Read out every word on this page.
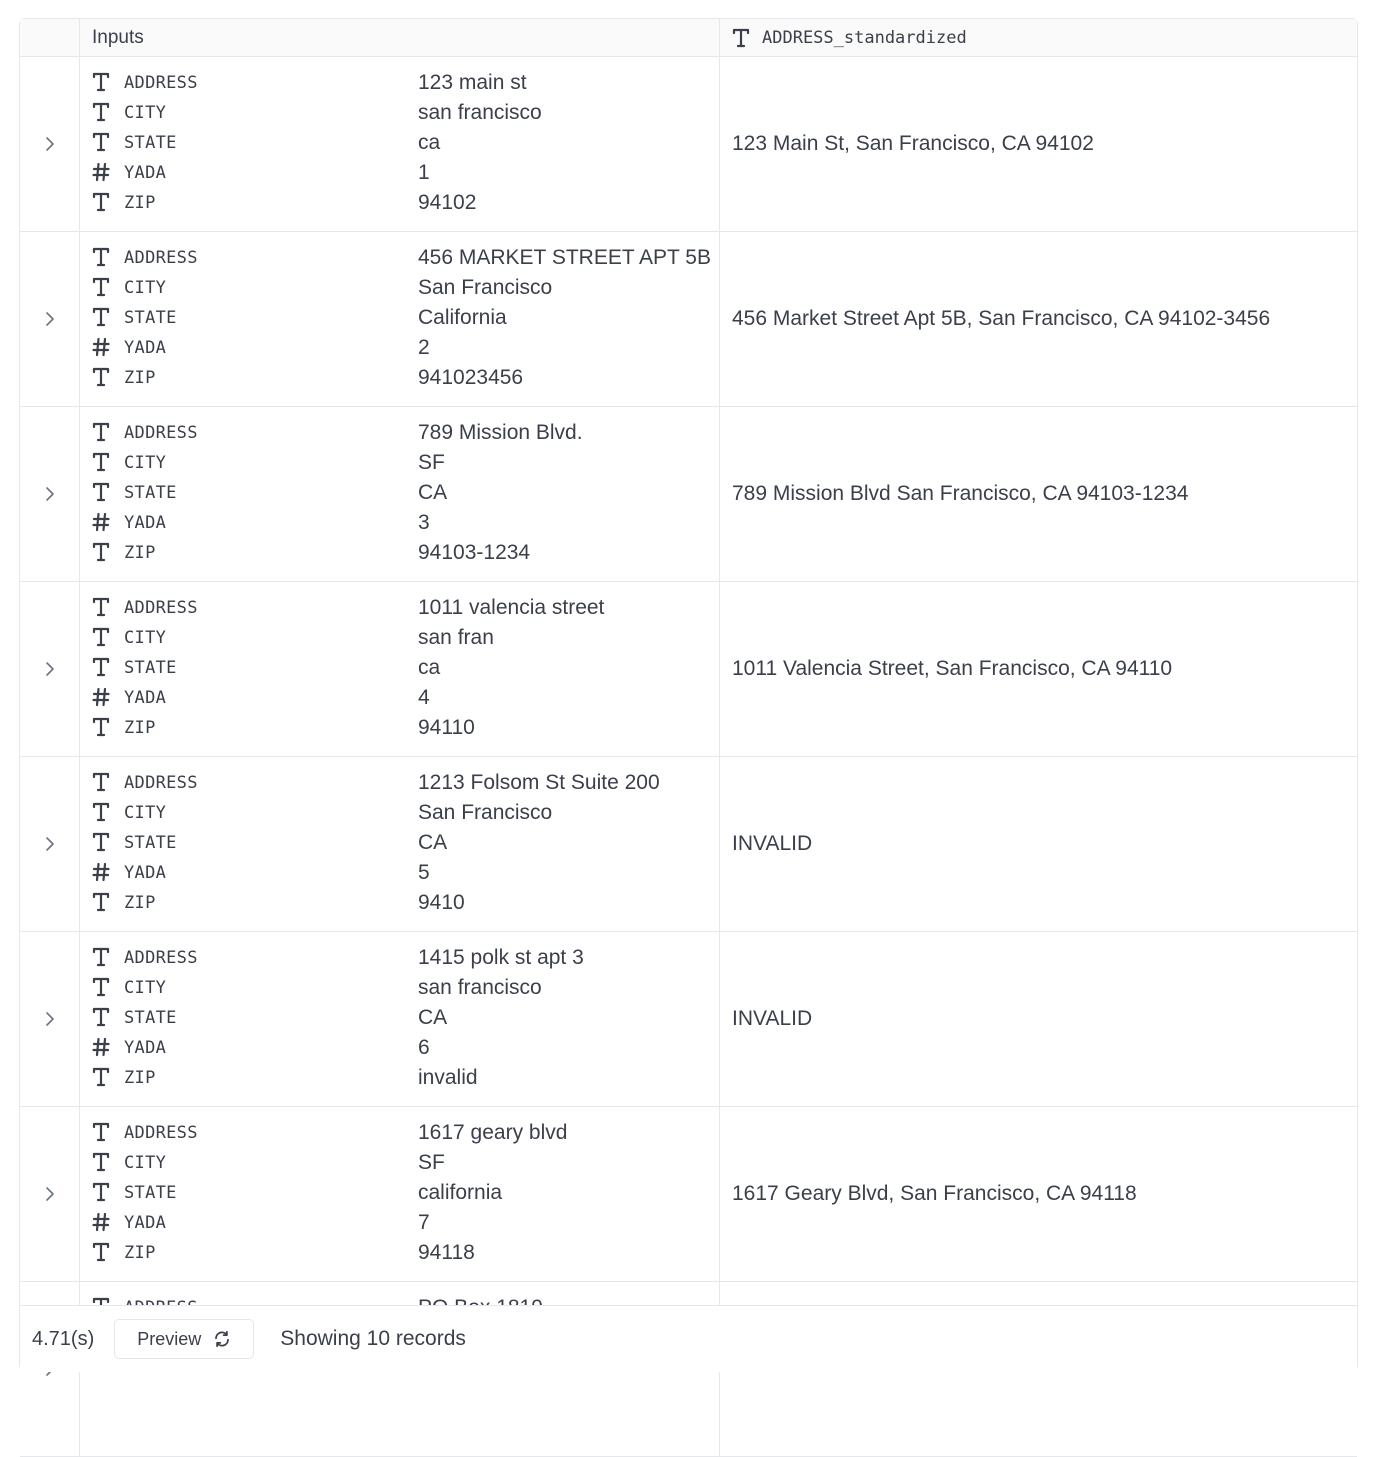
Inputs	ADDRESS_standardized
ADDRESS	123 main st
CITY	san francisco
STATE	ca
YADA	1
ZIP	94102
123 Main St, San Francisco, CA 94102
ADDRESS	456 MARKET STREET APT 5B
CITY	San Francisco
STATE	California
YADA	2
ZIP	941023456
456 Market Street Apt 5B, San Francisco, CA 94102-3456
ADDRESS	789 Mission Blvd.
CITY	SF
STATE	CA
YADA	3
ZIP	94103-1234
789 Mission Blvd San Francisco, CA 94103-1234
ADDRESS	1011 valencia street
CITY	san fran
STATE	ca
YADA	4
ZIP	94110
1011 Valencia Street, San Francisco, CA 94110
ADDRESS	1213 Folsom St Suite 200
CITY	San Francisco
STATE	CA
YADA	5
ZIP	9410
INVALID
ADDRESS	1415 polk st apt 3
CITY	san francisco
STATE	CA
YADA	6
ZIP	invalid
INVALID
ADDRESS	1617 geary blvd
CITY	SF
STATE	california
YADA	7
ZIP	94118
1617 Geary Blvd, San Francisco, CA 94118
4.71(s) Preview	Showing 10 records
